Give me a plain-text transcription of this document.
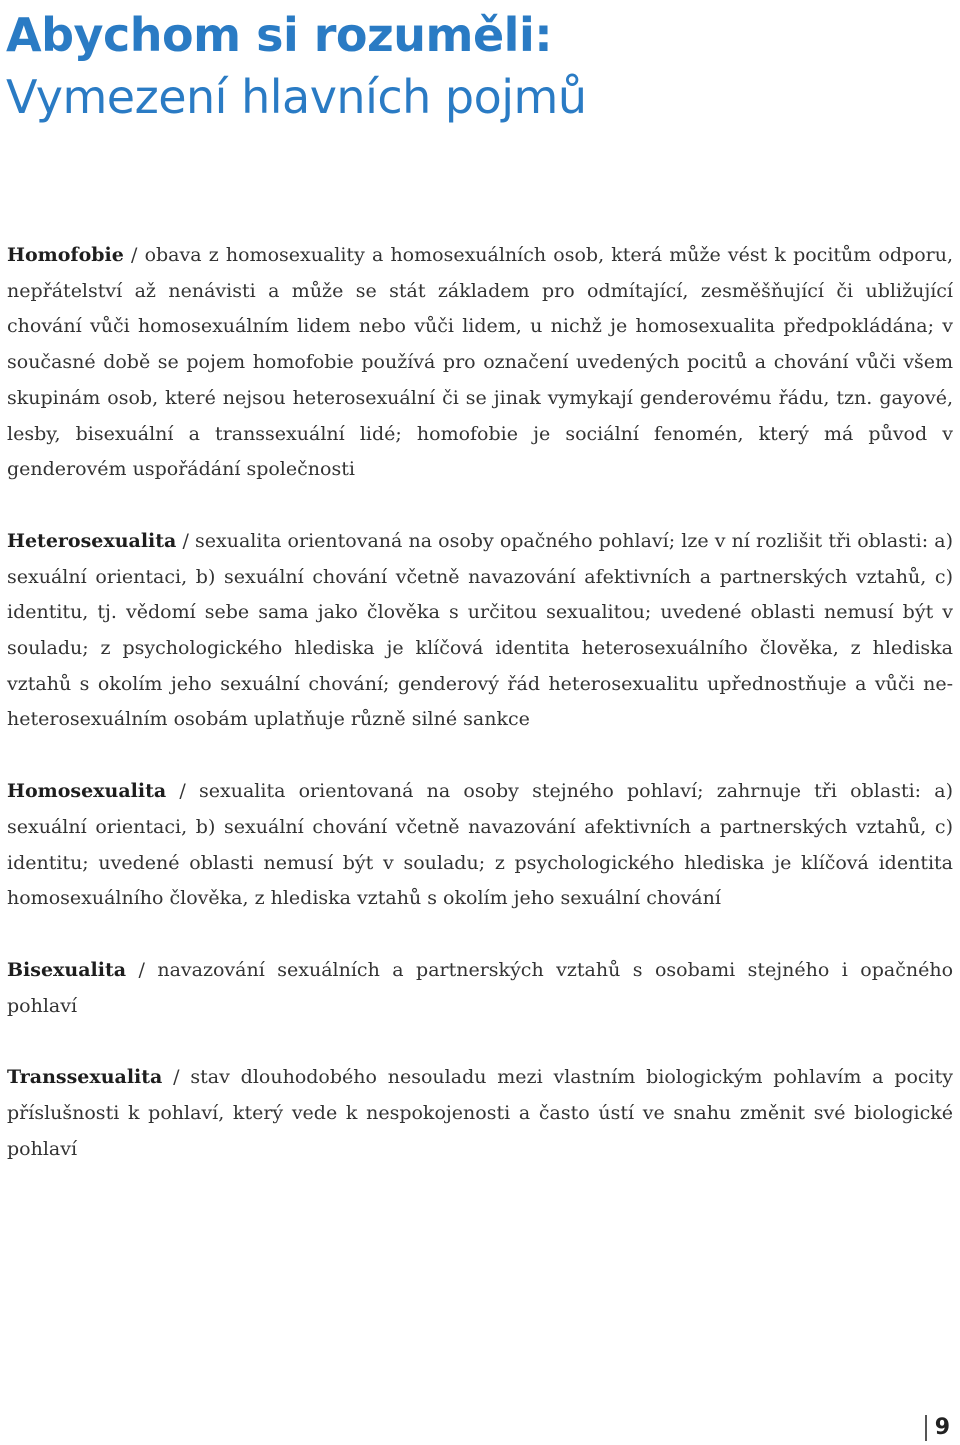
Abychom si rozuměli:
Vymezení hlavních pojmů

Homofobie / obava z homosexuality a homosexuálních osob, která může vést k pocitům odporu, nepřátelství až nenávisti a může se stát základem pro odmítající, zesměšňující či ubližující chování vůči homosexuálním lidem nebo vůči lidem, u nichž je homosexualita předpokládána; v současné době se pojem homofobie používá pro označení uvedených pocitů a chování vůči všem skupinám osob, které nejsou heterosexuální či se jinak vymykají genderovému řádu, tzn. gayové, lesby, bisexuální a transsexuální lidé; homofobie je sociální fenomén, který má původ v genderovém uspořádání společnosti

Heterosexualita / sexualita orientovaná na osoby opačného pohlaví; lze v ní rozlišit tři oblasti: a) sexuální orientaci, b) sexuální chování včetně navazování afektivních a partnerských vztahů, c) identitu, tj. vědomí sebe sama jako člověka s určitou sexualitou; uvedené oblasti nemusí být v souladu; z psychologického hlediska je klíčová identita heterosexuálního člověka, z hlediska vztahů s okolím jeho sexuální chování; genderový řád heterosexualitu upřednostňuje a vůči ne-heterosexuálním osobám uplatňuje různě silné sankce

Homosexualita / sexualita orientovaná na osoby stejného pohlaví; zahrnuje tři oblasti: a) sexuální orientaci, b) sexuální chování včetně navazování afektivních a partnerských vztahů, c) identitu; uvedené oblasti nemusí být v souladu; z psychologického hlediska je klíčová identita homosexuálního člověka, z hlediska vztahů s okolím jeho sexuální chování

Bisexualita / navazování sexuálních a partnerských vztahů s osobami stejného i opačného pohlaví

Transsexualita / stav dlouhodobého nesouladu mezi vlastním biologickým pohlavím a pocity příslušnosti k pohlaví, který vede k nespokojenosti a často ústí ve snahu změnit své biologické pohlaví

9
